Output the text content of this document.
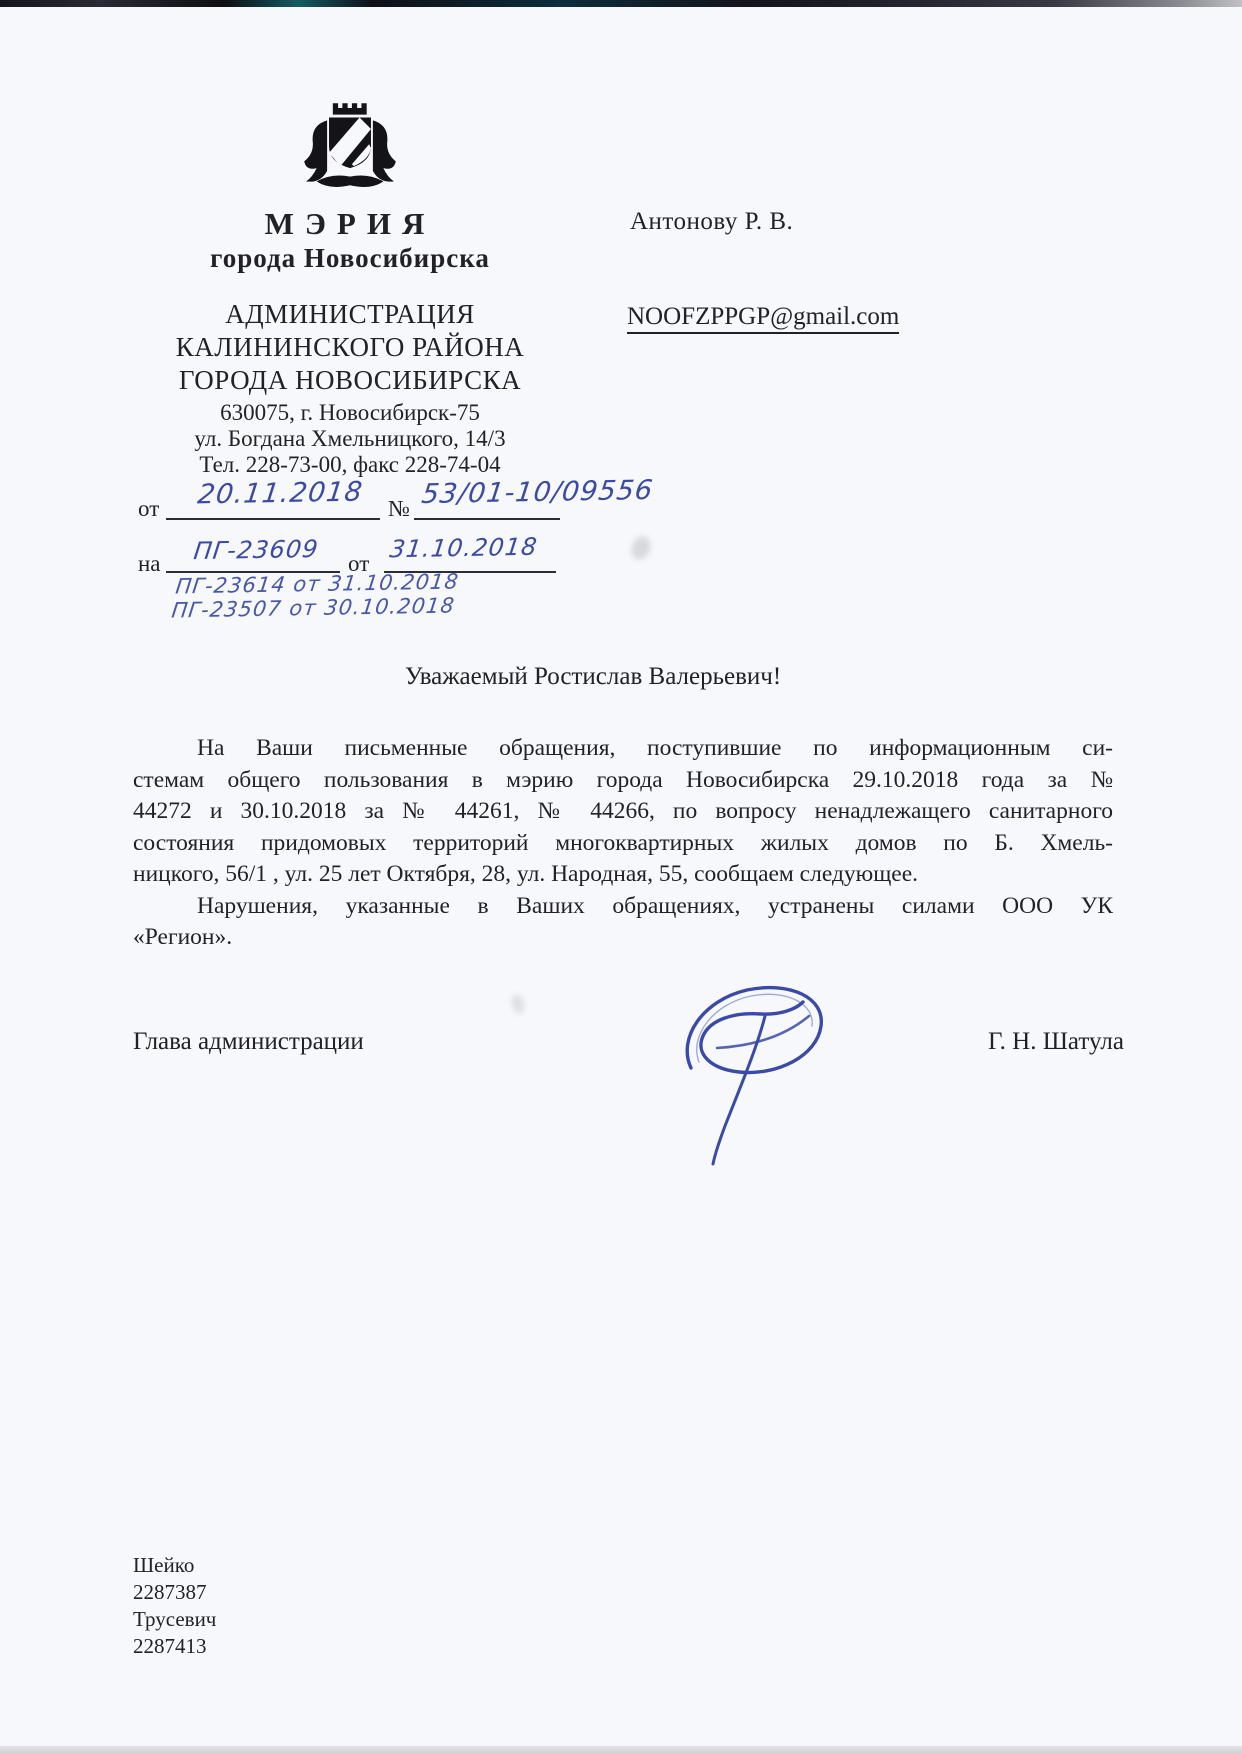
МЭРИЯ
города Новосибирска
АДМИНИСТРАЦИЯ
КАЛИНИНСКОГО РАЙОНА
ГОРОДА НОВОСИБИРСКА
630075, г. Новосибирск-75
ул. Богдана Хмельницкого, 14/3
Тел. 228-73-00, факс 228-74-04
Антонову Р. В.
NOOFZPPGP@gmail.com
от 20.11.2018 № 53/01-10/09556
на ПГ-23609 от
31.10.2018
ПГ-23614 от 31.10.2018
ПГ-23507 от 30.10.2018
Уважаемый Ростислав Валерьевич!
На Ваши письменные обращения, поступившие по информационным си-
стемам общего пользования в мэрию города Новосибирска 29.10.2018 года за №
44272 и 30.10.2018 за № 44261, № 44266, по вопросу ненадлежащего санитарного
состояния придомовых территорий многоквартирных жилых домов по Б. Хмель-
ницкого, 56/1 , ул. 25 лет Октября, 28, ул. Народная, 55, сообщаем следующее.
Нарушения, указанные в Ваших обращениях, устранены силами ООО УК
«Регион».
Глава администрации	Г. Н. Шатула
Шейко
2287387
Трусевич
2287413
